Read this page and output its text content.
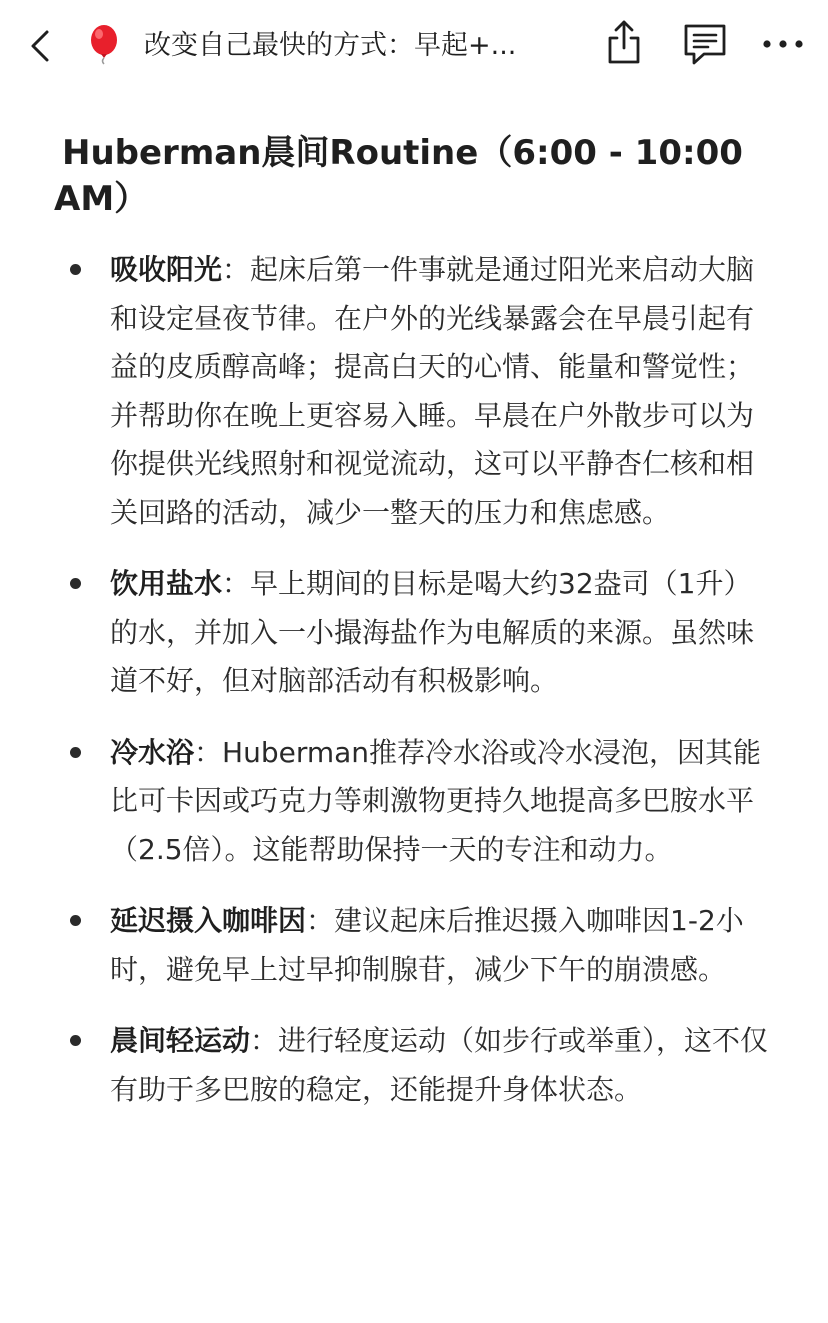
改变自己最快的方式：早起+...
Huberman晨间Routine（6:00 - 10:00 AM）
吸收阳光：起床后第一件事就是通过阳光来启动大脑和设定昼夜节律。在户外的光线暴露会在早晨引起有益的皮质醇高峰；提高白天的心情、能量和警觉性；并帮助你在晚上更容易入睡。早晨在户外散步可以为你提供光线照射和视觉流动，这可以平静杏仁核和相关回路的活动，减少一整天的压力和焦虑感。
饮用盐水：早上期间的目标是喝大约32盎司（1升）的水，并加入一小撮海盐作为电解质的来源。虽然味道不好，但对脑部活动有积极影响。
冷水浴：Huberman推荐冷水浴或冷水浸泡，因其能比可卡因或巧克力等刺激物更持久地提高多巴胺水平（2.5倍）。这能帮助保持一天的专注和动力。
延迟摄入咖啡因：建议起床后推迟摄入咖啡因1-2小时，避免早上过早抑制腺苷，减少下午的崩溃感。
晨间轻运动：进行轻度运动（如步行或举重），这不仅有助于多巴胺的稳定，还能提升身体状态。
